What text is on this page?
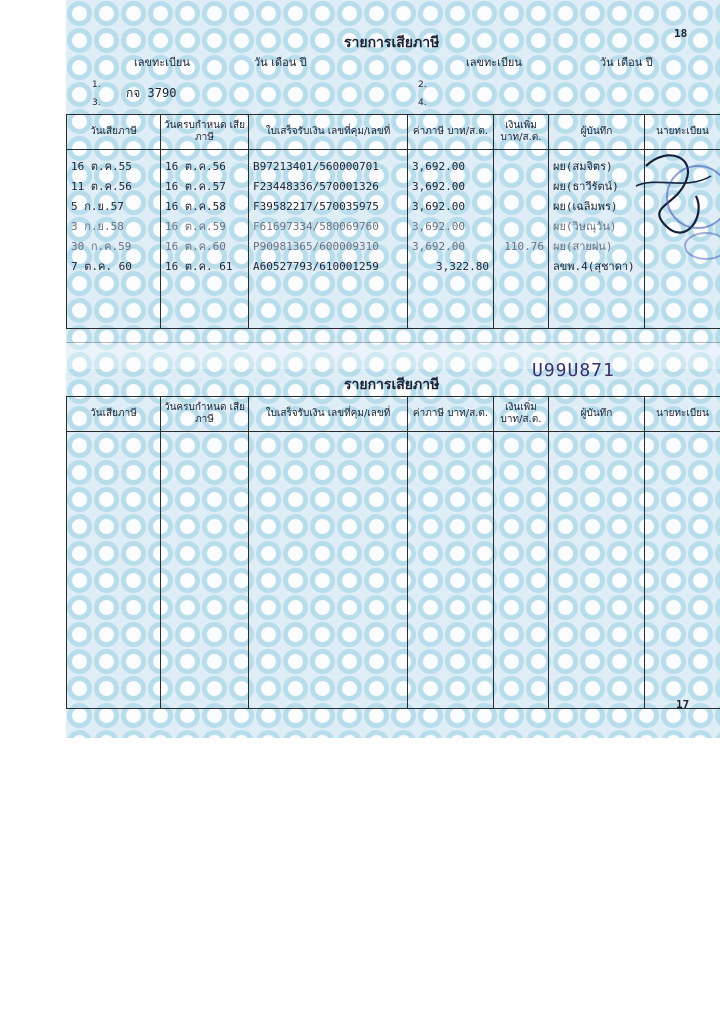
18
รายการเสียภาษี
เลขทะเบียน	วัน เดือน ปี	เลขทะเบียน	วัน เดือน ปี
1.
กจ 3790
2.
3.	4.
วันเสียภาษี	วันครบกำหนด เสียภาษี	ใบเสร็จรับเงิน เลขที่คุม/เลขที่	ค่าภาษี บาท/ส.ต.	เงินเพิ่ม บาท/ส.ต.	ผู้บันทึก	นายทะเบียน
16 ต.ค.55	16 ต.ค.56	B97213401/560000701	3,692.00		ผย(สมจิตร)	
11 ต.ค.56	16 ต.ค.57	F23448336/570001326	3,692.00		ผย(ธาวีรัตน์)	
5 ก.ย.57	16 ต.ค.58	F39582217/570035975	3,692.00		ผย(เฉลิมพร)	
3 ก.ย.58	16 ต.ค.59	F61697334/580069760	3,692.00		ผย(วิษณุวัน)	
30 ก.ค.59	16 ต.ค.60	P90981365/600009310	3,692.00	110.76	ผย(สายฝน)	
7 ต.ค. 60	16 ต.ค. 61	A60527793/610001259	3,322.80		ลขพ.4(สุชาดา)	

U99U871
รายการเสียภาษี
วันเสียภาษี	วันครบกำหนด เสียภาษี	ใบเสร็จรับเงิน เลขที่คุม/เลขที่	ค่าภาษี บาท/ส.ต.	เงินเพิ่ม บาท/ส.ต.	ผู้บันทึก	นายทะเบียน

17
